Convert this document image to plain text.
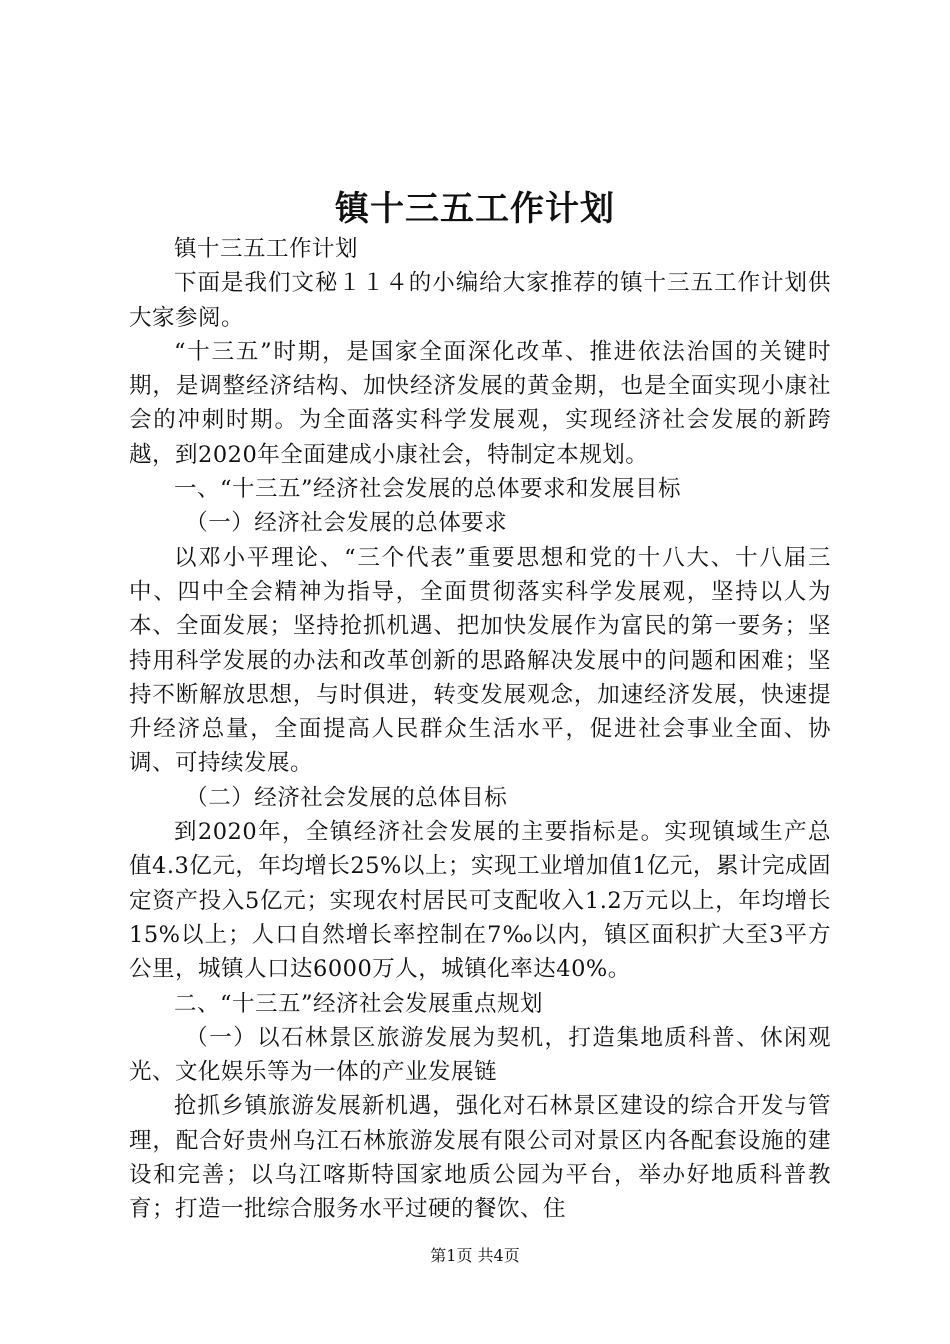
镇十三五工作计划

镇十三五工作计划

下面是我们文秘１１４的小编给大家推荐的镇十三五工作计划供大家参阅。

“十三五”时期，是国家全面深化改革、推进依法治国的关键时期，是调整经济结构、加快经济发展的黄金期，也是全面实现小康社会的冲刺时期。为全面落实科学发展观，实现经济社会发展的新跨越，到2020年全面建成小康社会，特制定本规划。

一、“十三五”经济社会发展的总体要求和发展目标

（一）经济社会发展的总体要求

以邓小平理论、“三个代表”重要思想和党的十八大、十八届三中、四中全会精神为指导，全面贯彻落实科学发展观，坚持以人为本、全面发展；坚持抢抓机遇、把加快发展作为富民的第一要务；坚持用科学发展的办法和改革创新的思路解决发展中的问题和困难；坚持不断解放思想，与时俱进，转变发展观念，加速经济发展，快速提升经济总量，全面提高人民群众生活水平，促进社会事业全面、协调、可持续发展。

（二）经济社会发展的总体目标

到2020年，全镇经济社会发展的主要指标是。实现镇域生产总值4.3亿元，年均增长25%以上；实现工业增加值1亿元，累计完成固定资产投入5亿元；实现农村居民可支配收入1.2万元以上，年均增长15%以上；人口自然增长率控制在7‰以内，镇区面积扩大至3平方公里，城镇人口达6000万人，城镇化率达40%。

二、“十三五”经济社会发展重点规划

（一）以石林景区旅游发展为契机，打造集地质科普、休闲观光、文化娱乐等为一体的产业发展链

抢抓乡镇旅游发展新机遇，强化对石林景区建设的综合开发与管理，配合好贵州乌江石林旅游发展有限公司对景区内各配套设施的建设和完善；以乌江喀斯特国家地质公园为平台，举办好地质科普教育；打造一批综合服务水平过硬的餐饮、住

第1页 共4页
